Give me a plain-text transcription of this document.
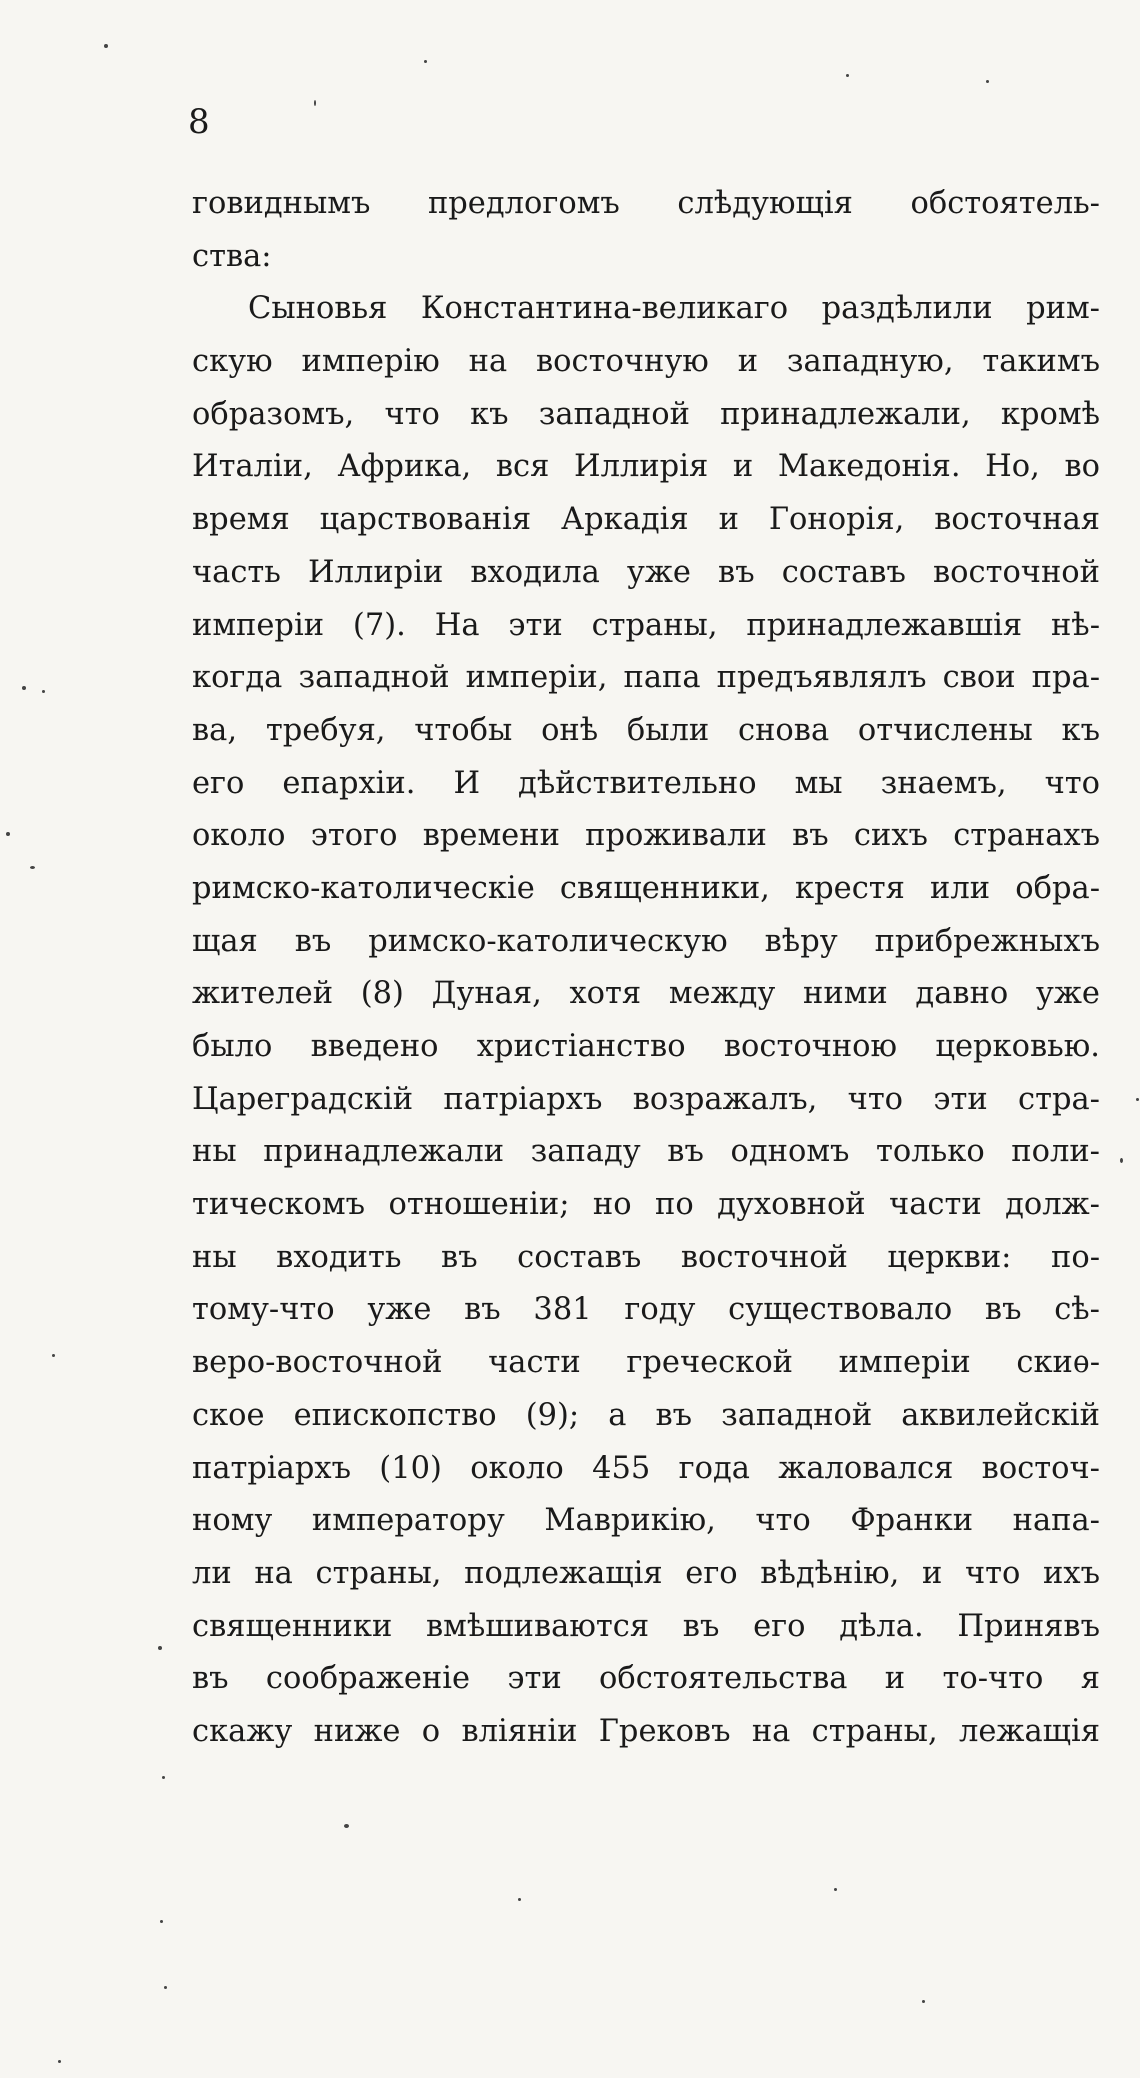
8
говиднымъ предлогомъ слѣдующія обстоятель-
ства:
Сыновья Константина-великаго раздѣлили рим-
скую имперію на восточную и западную, такимъ
образомъ, что къ западной принадлежали, кромѣ
Италіи, Африка, вся Иллирія и Македонія. Но, во
время царствованія Аркадія и Гонорія, восточная
часть Иллиріи входила уже въ составъ восточной
имперіи (7). На эти страны, принадлежавшія нѣ-
когда западной имперіи, папа предъявлялъ свои пра-
ва, требуя, чтобы онѣ были снова отчислены къ
его епархіи. И дѣйствительно мы знаемъ, что
около этого времени проживали въ сихъ странахъ
римско-католическіе священники, крестя или обра-
щая въ римско-католическую вѣру прибрежныхъ
жителей (8) Дуная, хотя между ними давно уже
было введено христіанство восточною церковью.
Цареградскій патріархъ возражалъ, что эти стра-
ны принадлежали западу въ одномъ только поли-
тическомъ отношеніи; но по духовной части долж-
ны входить въ составъ восточной церкви: по-
тому-что уже въ 381 году существовало въ сѣ-
веро-восточной части греческой имперіи скиѳ-
ское епископство (9); а въ западной аквилейскій
патріархъ (10) около 455 года жаловался восточ-
ному императору Маврикію, что Франки напа-
ли на страны, подлежащія его вѣдѣнію, и что ихъ
священники вмѣшиваются въ его дѣла. Принявъ
въ соображеніе эти обстоятельства и то-что я
скажу ниже о вліяніи Грековъ на страны, лежащія
